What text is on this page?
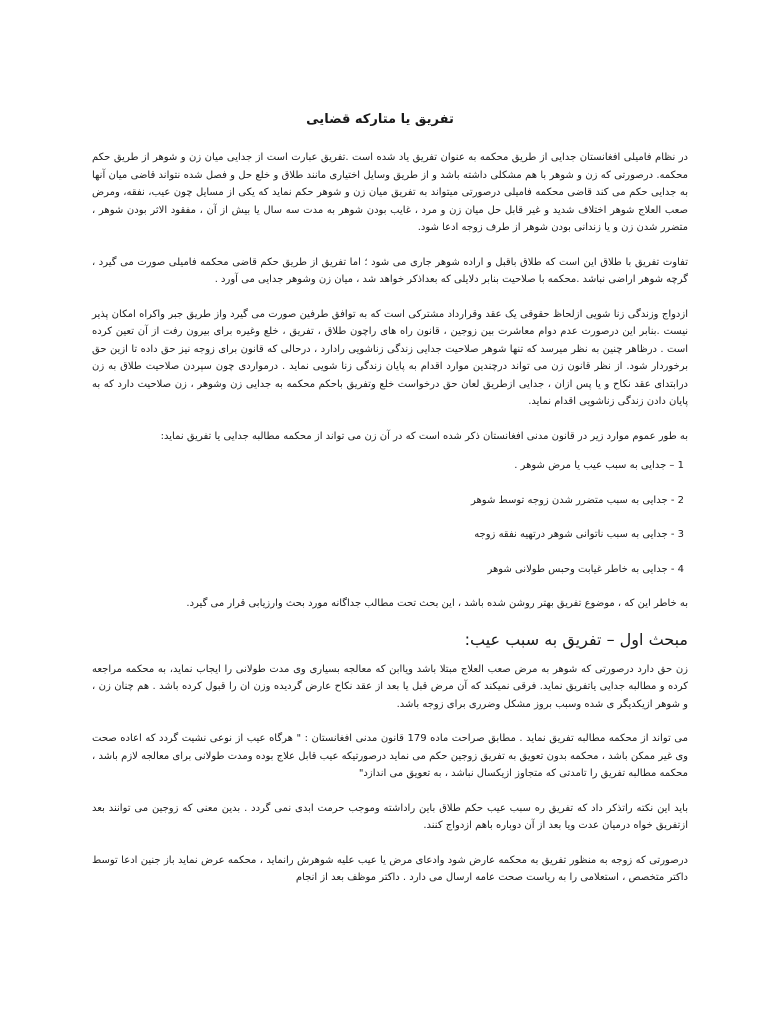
تفریق یا متارکه قضایی

در نظام فامیلی افغانستان جدایی از طریق محکمه به عنوان تفریق یاد شده است .تفریق عبارت است از جدایی میان زن و شوهر از طریق حکم محکمه. درصورتی که زن و شوهر با هم مشکلی داشته باشد و از طریق وسایل اختیاری مانند طلاق و خلع حل و فصل شده نتواند قاضی میان آنها به جدایی حکم می کند قاضی محکمه فامیلی درصورتی میتواند به تفریق میان زن و شوهر حکم نماید که یکی از مسایل چون عیب، نفقه، ومرض صعب العلاج شوهر اختلاف شدید و غیر قابل حل میان زن و مرد ، غایب بودن شوهر به مدت سه سال یا بیش از آن ، مفقود الاثر بودن شوهر ، متضرر شدن زن و یا زندانی بودن شوهر از طرف زوجه ادعا شود.

تفاوت تفریق با طلاق این است که طلاق باقبل و اراده شوهر جاری می شود ؛ اما تفریق از طریق حکم قاضی محکمه فامیلی صورت می گیرد ، گرچه شوهر اراضی نباشد .محکمه با صلاحیت بنابر دلایلی که بعداذکر خواهد شد ، میان زن وشوهر جدایی می آورد .

ازدواج وزندگی زنا شویی ازلحاظ حقوقی یک عقد وقرارداد مشترکی است که به توافق طرفین صورت می گیرد واز طریق جبر واکراه امکان پذیر نیست .بنابر این درصورت عدم دوام معاشرت بین زوجین ، قانون راه های راچون طلاق ، تفریق ، خلع وغیره برای بیرون رفت از آن تعین کرده است . درظاهر چنین به نظر میرسد که تنها شوهر صلاحیت جدایی زندگی زناشویی رادارد ، درحالی که قانون برای زوجه نیز حق داده تا ازین حق برخوردار شود. از نظر قانون زن می تواند درچندین موارد اقدام به پایان زندگی زنا شویی نماید . درمواردی چون سپردن صلاحیت طلاق به زن درابتدای عقد نکاح و یا پس ازان ، جدایی ازطریق لعان حق درخواست خلع وتفریق باحکم محکمه به جدایی زن وشوهر ، زن صلاحیت دارد که به پایان دادن زندگی زناشویی اقدام نماید.

به طور عموم موارد زیر در قانون مدنی افغانستان ذکر شده است که در آن زن می تواند از محکمه مطالبه جدایی یا تفریق نماید:

1 – جدایی به سبب عیب یا مرض شوهر .

2 - جدایی به سبب متضرر شدن زوجه توسط شوهر

3 - جدایی به سبب ناتوانی شوهر درتهیه نفقه زوجه

4 - جدایی به خاطر غیابت وحبس طولانی شوهر

به خاطر این که ، موضوع تفریق بهتر روشن شده باشد ، این بحث تحت مطالب جداگانه مورد بحث وارزیابی قرار می گیرد.

مبحث اول – تفریق به سبب عیب:

زن حق دارد درصورتی که شوهر به مرض صعب العلاج مبتلا باشد ویاابن که معالجه بسیاری وی مدت طولانی را ایجاب نماید، به محکمه مراجعه کرده و مطالبه جدایی یاتفریق نماید. فرقی نمیکند که آن مرض قبل یا بعد از عقد نکاح عارض گردیده وزن ان را قبول کرده باشد . هم چنان زن ، و شوهر ازیکدیگر ی شده وسبب بروز مشکل وضرری برای زوجه باشد.

می تواند از محکمه مطالبه تفریق نماید . مطابق صراحت ماده 179 قانون مدنی افغانستان : " هرگاه عیب از نوعی نشیت گردد که اعاده صحت وی غیر ممکن باشد ، محکمه بدون تعویق به تفریق زوجین حکم می نماید درصورتیکه عیب قابل علاج بوده ومدت طولانی برای معالجه لازم باشد ، محکمه مطالبه تفریق را تامدتی که متجاوز ازیکسال نباشد ، به تعویق می اندازد"

باید این نکته راتذکر داد که تفریق ره سبب عیب حکم طلاق باین راداشته وموجب حرمت ابدی نمی گردد . بدین معنی که زوجین می توانند بعد ازتفریق خواه درمیان عدت ویا بعد از آن دوباره باهم ازدواج کنند.

درصورتی که زوجه به منظور تفریق به محکمه عارض شود وادعای مرض یا عیب علیه شوهرش رانماید ، محکمه عرض نماید باز جنین ادعا توسط داکتر متخصص ، استعلامی را به ریاست صحت عامه ارسال می دارد . داکتر موظف بعد از انجام
